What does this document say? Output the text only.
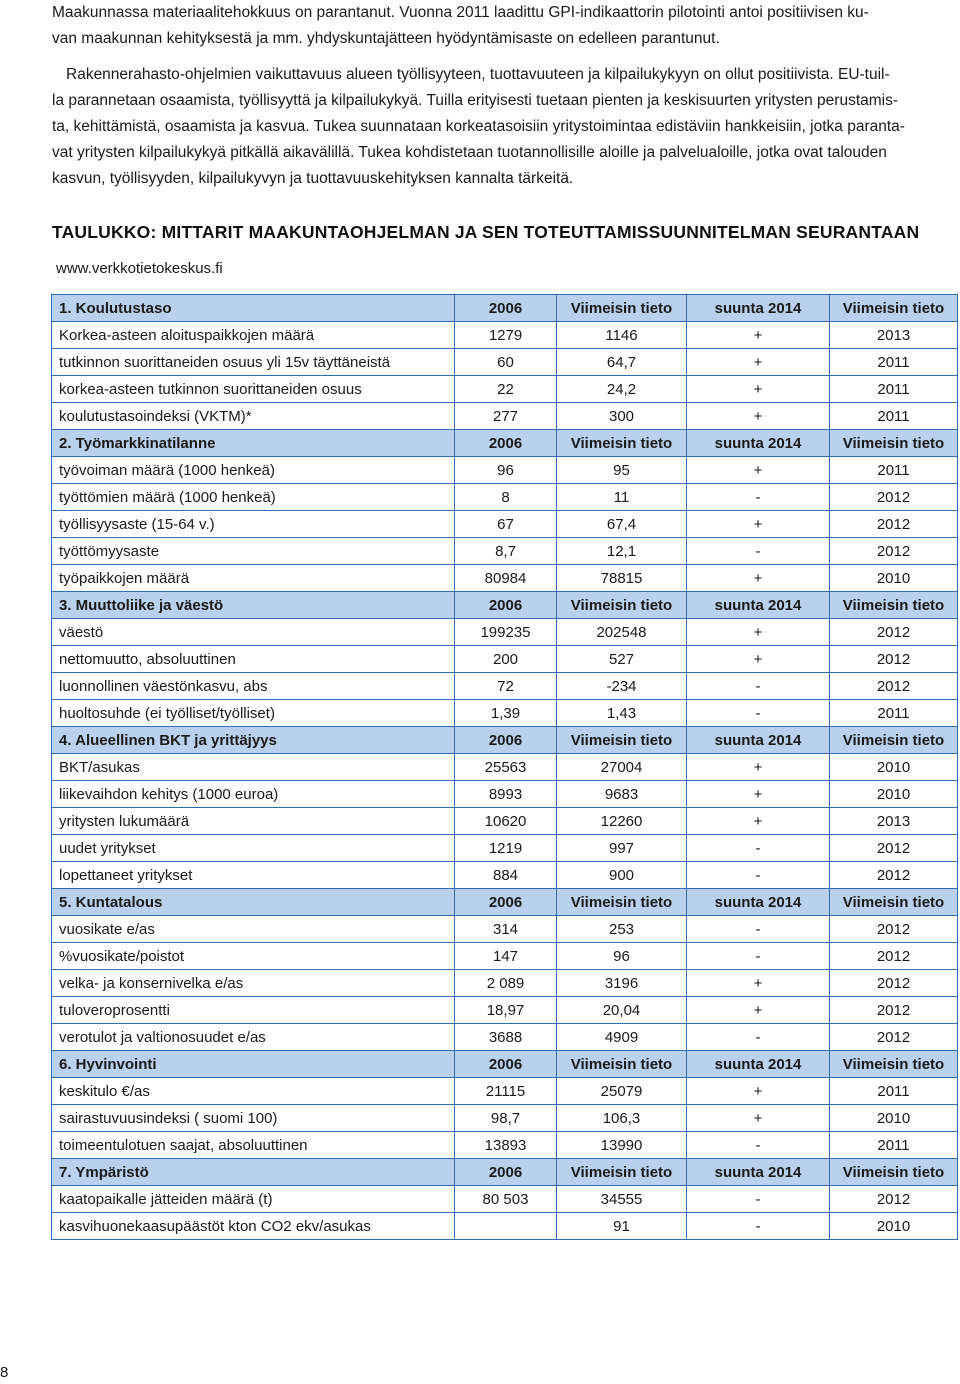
Maakunnassa materiaalitehokkuus on parantanut. Vuonna 2011 laadittu GPI-indikaattorin pilotointi antoi positiivisen ku-
van maakunnan kehityksestä ja mm. yhdyskuntajätteen hyödyntämisaste on edelleen parantunut.

Rakennerahasto-ohjelmien vaikuttavuus alueen työllisyyteen, tuottavuuteen ja kilpailukykyyn on ollut positiivista. EU-tuil-
la parannetaan osaamista, työllisyyttä ja kilpailukykyä. Tuilla erityisesti tuetaan pienten ja keskisuurten yritysten perustamis-
ta, kehittämistä, osaamista ja kasvua. Tukea suunnataan korkeatasoisiin yritystoimintaa edistäviin hankkeisiin, jotka paranta-
vat yritysten kilpailukykyä pitkällä aikavälillä. Tukea kohdistetaan tuotannollisille aloille ja palvelualoille, jotka ovat talouden
kasvun, työllisyyden, kilpailukyvyn ja tuottavuuskehityksen kannalta tärkeitä.

TAULUKKO: MITTARIT MAAKUNTAOHJELMAN JA SEN TOTEUTTAMISSUUNNITELMAN SEURANTAAN
www.verkkotietokeskus.fi
1. Koulutustaso	2006	Viimeisin tieto	suunta 2014	Viimeisin tieto
Korkea-asteen aloituspaikkojen määrä	1279	1146	+	2013
tutkinnon suorittaneiden osuus yli 15v täyttäneistä	60	64,7	+	2011
korkea-asteen tutkinnon suorittaneiden osuus	22	24,2	+	2011
koulutustasoindeksi (VKTM)*	277	300	+	2011
2. Työmarkkinatilanne	2006	Viimeisin tieto	suunta 2014	Viimeisin tieto
työvoiman määrä (1000 henkeä)	96	95	+	2011
työttömien määrä (1000 henkeä)	8	11	-	2012
työllisyysaste (15-64 v.)	67	67,4	+	2012
työttömyysaste	8,7	12,1	-	2012
työpaikkojen määrä	80984	78815	+	2010
3. Muuttoliike ja väestö	2006	Viimeisin tieto	suunta 2014	Viimeisin tieto
väestö	199235	202548	+	2012
nettomuutto, absoluuttinen	200	527	+	2012
luonnollinen väestönkasvu, abs	72	-234	-	2012
huoltosuhde (ei työlliset/työlliset)	1,39	1,43	-	2011
4. Alueellinen BKT ja yrittäjyys	2006	Viimeisin tieto	suunta 2014	Viimeisin tieto
BKT/asukas	25563	27004	+	2010
liikevaihdon kehitys (1000 euroa)	8993	9683	+	2010
yritysten lukumäärä	10620	12260	+	2013
uudet yritykset	1219	997	-	2012
lopettaneet yritykset	884	900	-	2012
5. Kuntatalous	2006	Viimeisin tieto	suunta 2014	Viimeisin tieto
vuosikate e/as	314	253	-	2012
%vuosikate/poistot	147	96	-	2012
velka- ja konsernivelka e/as	2 089	3196	+	2012
tuloveroprosentti	18,97	20,04	+	2012
verotulot ja valtionosuudet e/as	3688	4909	-	2012
6. Hyvinvointi	2006	Viimeisin tieto	suunta 2014	Viimeisin tieto
keskitulo €/as	21115	25079	+	2011
sairastuvuusindeksi ( suomi 100)	98,7	106,3	+	2010
toimeentulotuen saajat, absoluuttinen	13893	13990	-	2011
7. Ympäristö	2006	Viimeisin tieto	suunta 2014	Viimeisin tieto
kaatopaikalle jätteiden määrä (t)	80 503	34555	-	2012
kasvihuonekaasupäästöt kton CO2 ekv/asukas		91	-	2010
8
